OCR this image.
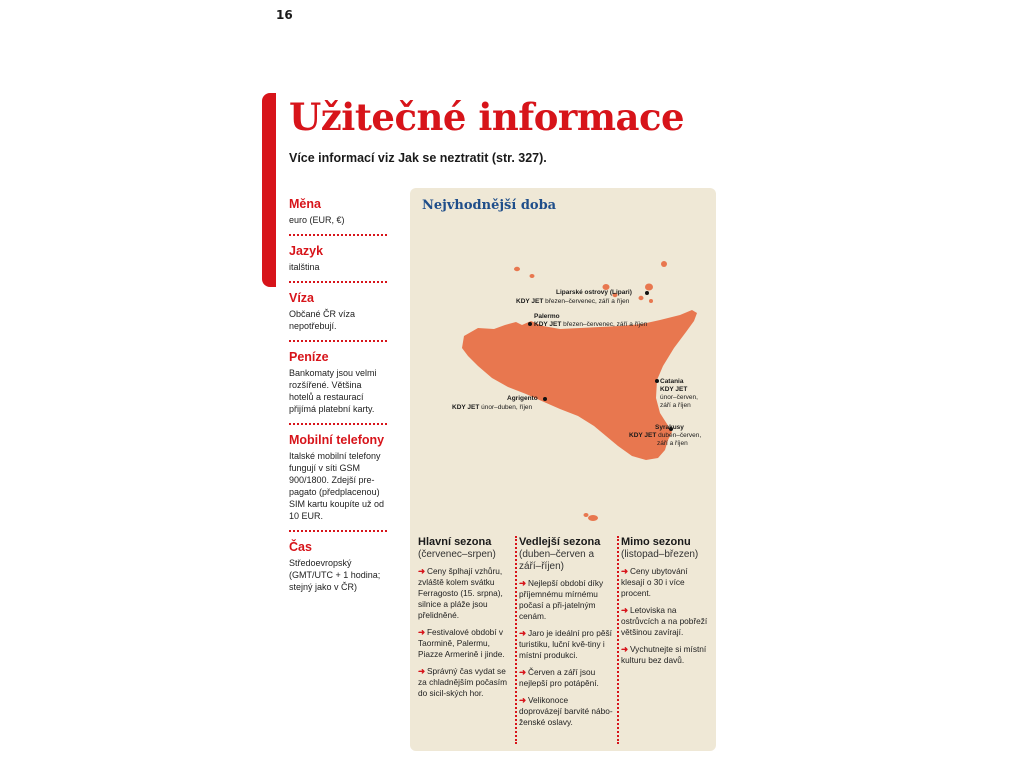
16
Užitečné informace
Více informací viz Jak se neztratit (str. 327).
Měna
euro (EUR, €)
Jazyk
italština
Víza
Občané ČR víza nepotřebují.
Peníze
Bankomaty jsou velmi rozšířené. Většina hotelů a restaurací přijímá platební karty.
Mobilní telefony
Italské mobilní telefony fungují v síti GSM 900/1800. Zdejší pre-pagato (předplacenou) SIM kartu koupíte už od 10 EUR.
Čas
Středoevropský (GMT/UTC + 1 hodina; stejný jako v ČR)
Nejvhodnější doba
Liparské ostrovy (Lipari)
KDY JET březen–červenec, září a říjen
Palermo
KDY JET březen–červenec, září a říjen
Agrigento
KDY JET únor–duben, říjen
Catania
KDY JET
únor–červen,
září a říjen
Syrakusy
KDY JET duben–červen,
září a říjen
Hlavní sezona
(červenec–srpen)
➜ Ceny šplhají vzhůru, zvláště kolem svátku Ferragosto (15. srpna), silnice a pláže jsou přelidněné.
➜ Festivalové období v Taormině, Palermu, Piazze Armerině i jinde.
➜ Správný čas vydat se za chladnějším počasím do sicil-ských hor.
Vedlejší sezona
(duben–červen a září–říjen)
➜ Nejlepší období díky příjemnému mírnému počasí a při-jatelným cenám.
➜ Jaro je ideální pro pěší turistiku, luční kvě-tiny i místní produkci.
➜ Červen a září jsou nejlepší pro potápění.
➜ Velikonoce doprovázejí barvité nábo-ženské oslavy.
Mimo sezonu
(listopad–březen)
➜ Ceny ubytování klesají o 30 i více procent.
➜ Letoviska na ostrůvcích a na pobřeží většinou zavírají.
➜ Vychutnejte si místní kulturu bez davů.
